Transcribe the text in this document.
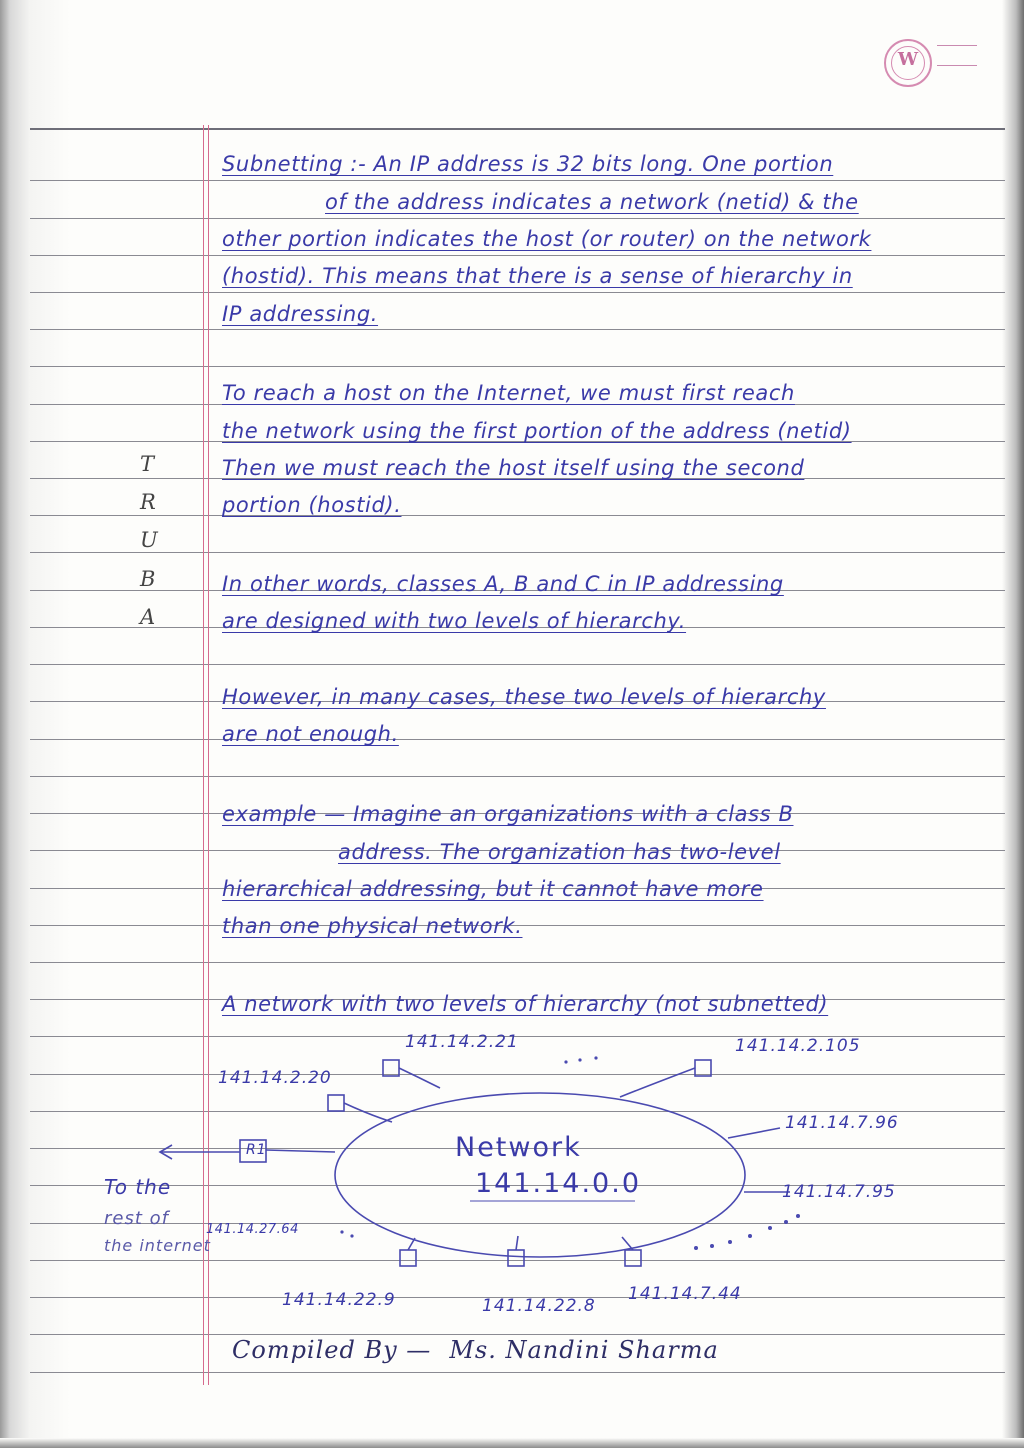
W
Subnetting :- An IP address is 32 bits long. One portion
of the address indicates a network (netid) & the
other portion indicates the host (or router) on the network
(hostid). This means that there is a sense of hierarchy in
IP addressing.
To reach a host on the Internet, we must first reach
the network using the first portion of the address (netid)
Then we must reach the host itself using the second
portion (hostid).
T
R
U
B
A
In other words, classes A, B and C in IP addressing
are designed with two levels of hierarchy.
However, in many cases, these two levels of hierarchy
are not enough.
example — Imagine an organizations with a class B
address. The organization has two-level
hierarchical addressing, but it cannot have more
than one physical network.
A network with two levels of hierarchy (not subnetted)
141.14.2.21	141.14.2.105
141.14.2.20
141.14.7.96
141.14.7.95
141.14.27.64
141.14.22.9	141.14.22.8
141.14.7.44
R1	Network
141.14.0.0
To the
rest of
the internet
Compiled By — Ms. Nandini Sharma
